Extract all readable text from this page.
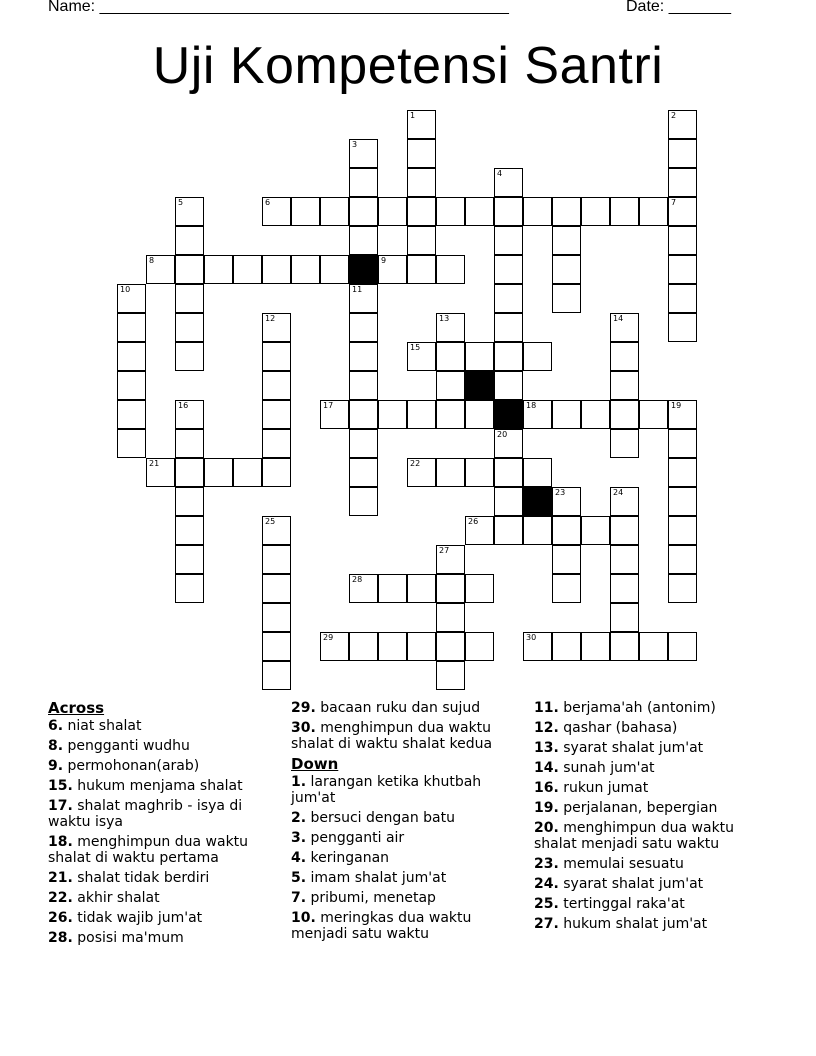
Name: ______________________________________________	Date: _______
Uji Kompetensi Santri
1	2
3
4
5	6	7
8	9
10	11
12	13	14
15
16	17	18	19
20
21	22
23	24
25	26
27
28
29	30
Across
6. niat shalat
8. pengganti wudhu
9. permohonan(arab)
15. hukum menjama shalat
17. shalat maghrib - isya di waktu isya
18. menghimpun dua waktu shalat di waktu pertama
21. shalat tidak berdiri
22. akhir shalat
26. tidak wajib jum'at
28. posisi ma'mum
29. bacaan ruku dan sujud
30. menghimpun dua waktu shalat di waktu shalat kedua
Down
1. larangan ketika khutbah jum'at
2. bersuci dengan batu
3. pengganti air
4. keringanan
5. imam shalat jum'at
7. pribumi, menetap
10. meringkas dua waktu menjadi satu waktu
11. berjama'ah (antonim)
12. qashar (bahasa)
13. syarat shalat jum'at
14. sunah jum'at
16. rukun jumat
19. perjalanan, bepergian
20. menghimpun dua waktu shalat menjadi satu waktu
23. memulai sesuatu
24. syarat shalat jum'at
25. tertinggal raka'at
27. hukum shalat jum'at
